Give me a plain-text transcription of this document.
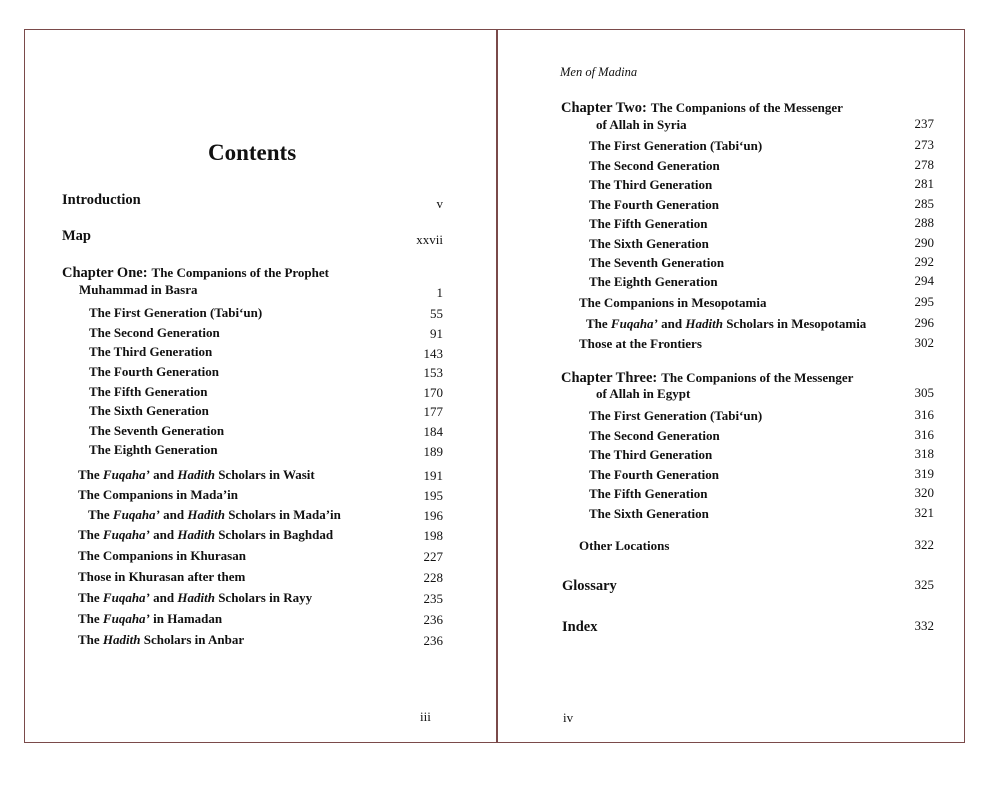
Contents
Introduction	v
Map	xxvii
Chapter One: The Companions of the Prophet
Muhammad in Basra	1
The First Generation (Tabi‘un)	55
The Second Generation	91
The Third Generation	143
The Fourth Generation	153
The Fifth Generation	170
The Sixth Generation	177
The Seventh Generation	184
The Eighth Generation	189
The Fuqaha’ and Hadith Scholars in Wasit	191
The Companions in Mada’in	195
The Fuqaha’ and Hadith Scholars in Mada’in	196
The Fuqaha’ and Hadith Scholars in Baghdad	198
The Companions in Khurasan	227
Those in Khurasan after them	228
The Fuqaha’ and Hadith Scholars in Rayy	235
The Fuqaha’ in Hamadan	236
The Hadith Scholars in Anbar	236
iii
Men of Madina
Chapter Two: The Companions of the Messenger
of Allah in Syria	237
The First Generation (Tabi‘un)	273
The Second Generation	278
The Third Generation	281
The Fourth Generation	285
The Fifth Generation	288
The Sixth Generation	290
The Seventh Generation	292
The Eighth Generation	294
The Companions in Mesopotamia	295
The Fuqaha’ and Hadith Scholars in Mesopotamia	296
Those at the Frontiers	302
Chapter Three: The Companions of the Messenger
of Allah in Egypt	305
The First Generation (Tabi‘un)	316
The Second Generation	316
The Third Generation	318
The Fourth Generation	319
The Fifth Generation	320
The Sixth Generation	321
Other Locations	322
Glossary	325
Index	332
iv
